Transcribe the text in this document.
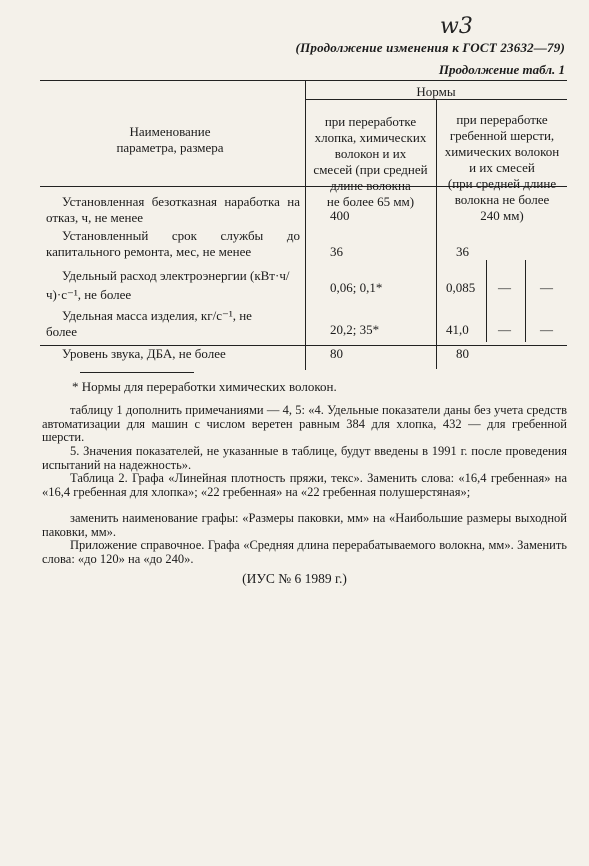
w3
(Продолжение изменения к ГОСТ 23632—79)
Продолжение табл. 1
Наименование
параметра, размера
Нормы
при переработке
хлопка, химических
волокон и их
смесей (при средней
длине волокна
не более 65 мм)
при переработке
гребенной шерсти,
химических волокон
и их смесей
(при средней длине
волокна не более
240 мм)
Установленная безотказная наработка на отказ, ч, не менее	400
Установленный срок службы до капитального ремонта, мес, не менее	36	36
Удельный расход электроэнергии (кВт·ч/ч)·с⁻¹, не более	0,06; 0,1*	0,085 — —
Удельная масса изделия, кг/с⁻¹, не более	20,2; 35*	41,0 — —
Уровень звука, ДБА, не более	80	80
* Нормы для переработки химических волокон.
таблицу 1 дополнить примечаниями — 4, 5: «4. Удельные показатели даны без учета средств автоматизации для машин с числом веретен равным 384 для хлопка, 432 — для гребенной шерсти.
5. Значения показателей, не указанные в таблице, будут введены в 1991 г. после проведения испытаний на надежность».
Таблица 2. Графа «Линейная плотность пряжи, текс». Заменить слова: «16,4 гребенная» на «16,4 гребенная для хлопка»; «22 гребенная» на «22 гребенная полушерстяная»;
заменить наименование графы: «Размеры паковки, мм» на «Наибольшие размеры выходной паковки, мм».
Приложение справочное. Графа «Средняя длина перерабатываемого волокна, мм». Заменить слова: «до 120» на «до 240».
(ИУС № 6 1989 г.)
